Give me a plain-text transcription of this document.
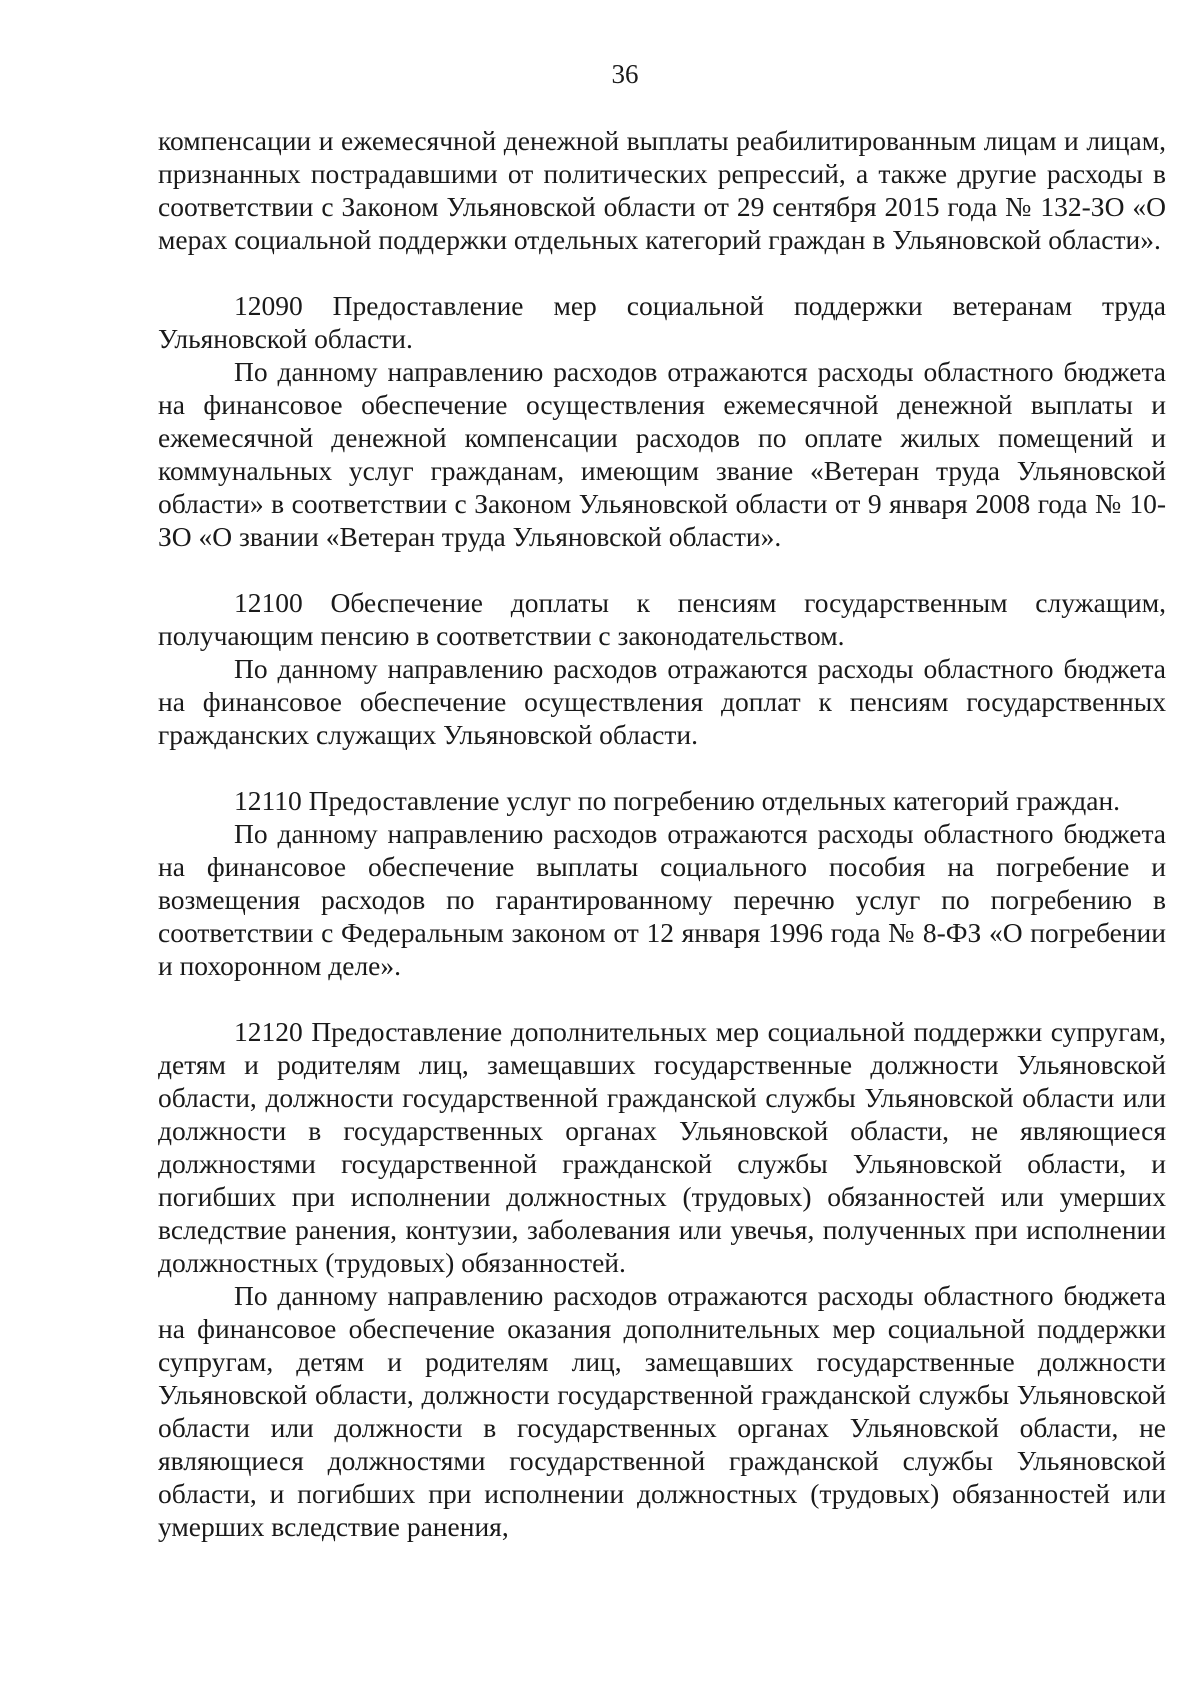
36

компенсации и ежемесячной денежной выплаты реабилитированным лицам и лицам, признанных пострадавшими от политических репрессий, а также другие расходы в соответствии с Законом Ульяновской области от 29 сентября 2015 года № 132-ЗО «О мерах социальной поддержки отдельных категорий граждан в Ульяновской области».

12090 Предоставление мер социальной поддержки ветеранам труда Ульяновской области.

По данному направлению расходов отражаются расходы областного бюджета на финансовое обеспечение осуществления ежемесячной денежной выплаты и ежемесячной денежной компенсации расходов по оплате жилых помещений и коммунальных услуг гражданам, имеющим звание «Ветеран труда Ульяновской области» в соответствии с Законом Ульяновской области от 9 января 2008 года № 10-ЗО «О звании «Ветеран труда Ульяновской области».

12100 Обеспечение доплаты к пенсиям государственным служащим, получающим пенсию в соответствии с законодательством.

По данному направлению расходов отражаются расходы областного бюджета на финансовое обеспечение осуществления доплат к пенсиям государственных гражданских служащих Ульяновской области.

12110 Предоставление услуг по погребению отдельных категорий граждан.

По данному направлению расходов отражаются расходы областного бюджета на финансовое обеспечение выплаты социального пособия на погребение и возмещения расходов по гарантированному перечню услуг по погребению в соответствии с Федеральным законом от 12 января 1996 года № 8-ФЗ «О погребении и похоронном деле».

12120 Предоставление дополнительных мер социальной поддержки супругам, детям и родителям лиц, замещавших государственные должности Ульяновской области, должности государственной гражданской службы Ульяновской области или должности в государственных органах Ульяновской области, не являющиеся должностями государственной гражданской службы Ульяновской области, и погибших при исполнении должностных (трудовых) обязанностей или умерших вследствие ранения, контузии, заболевания или увечья, полученных при исполнении должностных (трудовых) обязанностей.

По данному направлению расходов отражаются расходы областного бюджета на финансовое обеспечение оказания дополнительных мер социальной поддержки супругам, детям и родителям лиц, замещавших государственные должности Ульяновской области, должности государственной гражданской службы Ульяновской области или должности в государственных органах Ульяновской области, не являющиеся должностями государственной гражданской службы Ульяновской области, и погибших при исполнении должностных (трудовых) обязанностей или умерших вследствие ранения,
